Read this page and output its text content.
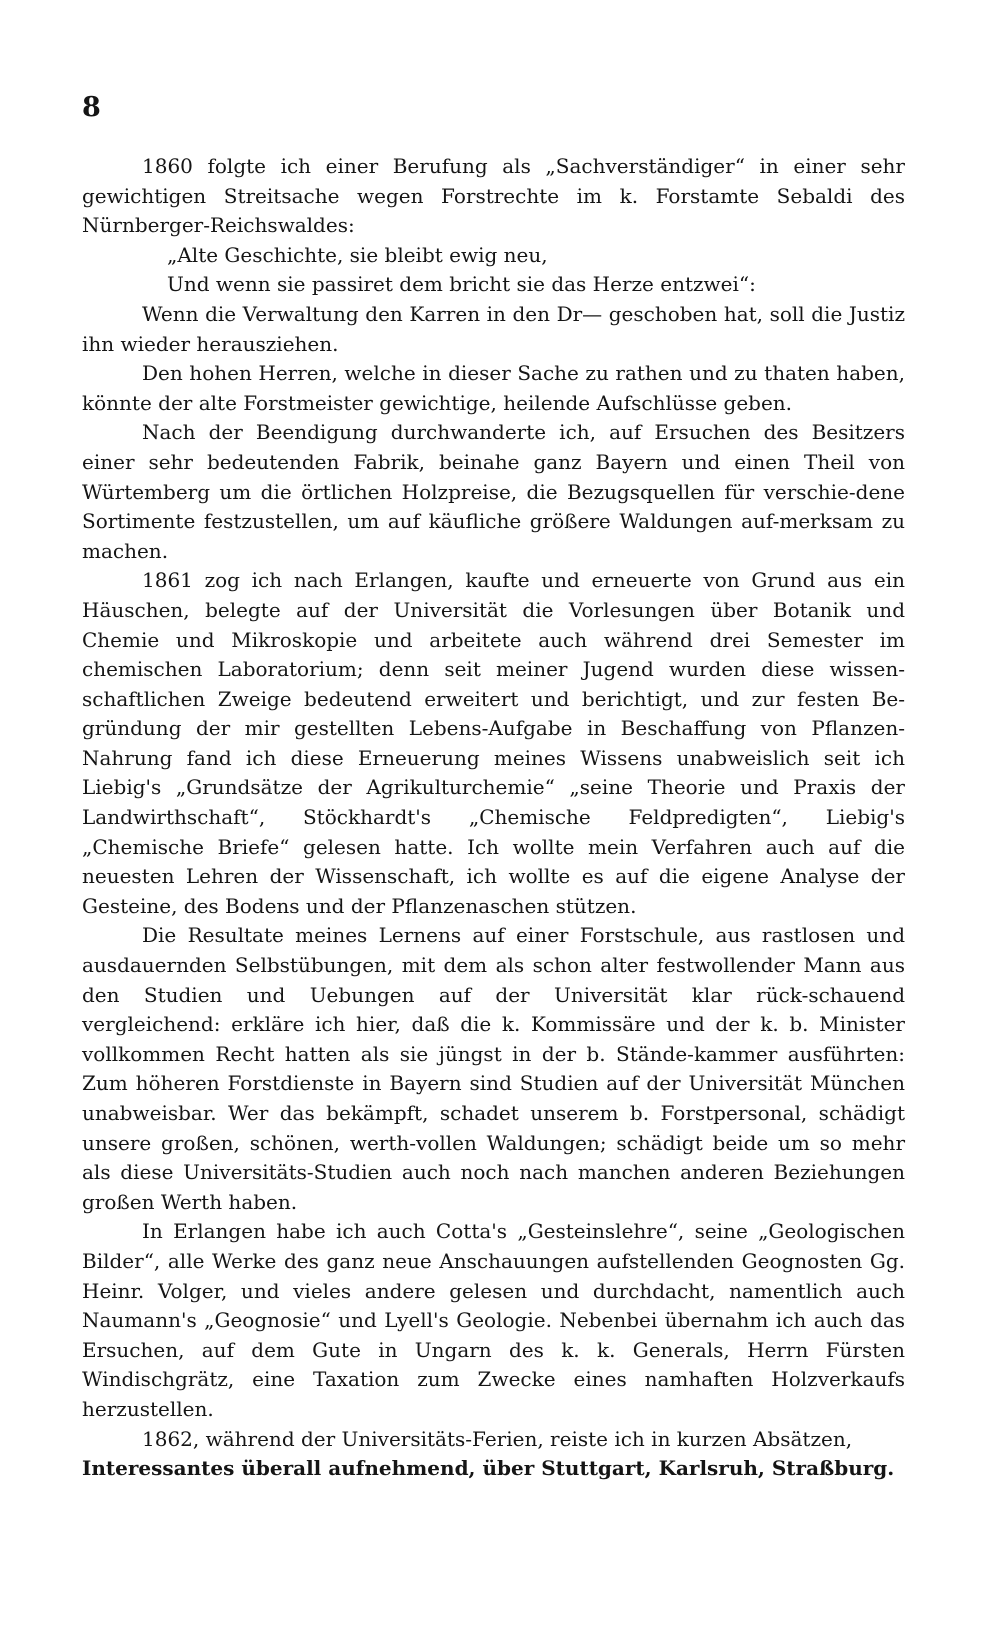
8

1860 folgte ich einer Berufung als „Sachverständiger“ in einer sehr gewichtigen Streitsache wegen Forstrechte im k. Forstamte Sebaldi des Nürnberger-Reichswaldes:

„Alte Geschichte, sie bleibt ewig neu,
Und wenn sie passiret dem bricht sie das Herze entzwei“:

Wenn die Verwaltung den Karren in den Dr— geschoben hat, soll die Justiz ihn wieder herausziehen.

Den hohen Herren, welche in dieser Sache zu rathen und zu thaten haben, könnte der alte Forstmeister gewichtige, heilende Aufschlüsse geben.

Nach der Beendigung durchwanderte ich, auf Ersuchen des Besitzers einer sehr bedeutenden Fabrik, beinahe ganz Bayern und einen Theil von Würtemberg um die örtlichen Holzpreise, die Bezugsquellen für verschie-dene Sortimente festzustellen, um auf käufliche größere Waldungen auf-merksam zu machen.

1861 zog ich nach Erlangen, kaufte und erneuerte von Grund aus ein Häuschen, belegte auf der Universität die Vorlesungen über Botanik und Chemie und Mikroskopie und arbeitete auch während drei Semester im chemischen Laboratorium; denn seit meiner Jugend wurden diese wissen-schaftlichen Zweige bedeutend erweitert und berichtigt, und zur festen Be-gründung der mir gestellten Lebens-Aufgabe in Beschaffung von Pflanzen-Nahrung fand ich diese Erneuerung meines Wissens unabweislich seit ich Liebig's „Grundsätze der Agrikulturchemie“ „seine Theorie und Praxis der Landwirthschaft“, Stöckhardt's „Chemische Feldpredigten“, Liebig's „Chemische Briefe“ gelesen hatte. Ich wollte mein Verfahren auch auf die neuesten Lehren der Wissenschaft, ich wollte es auf die eigene Analyse der Gesteine, des Bodens und der Pflanzenaschen stützen.

Die Resultate meines Lernens auf einer Forstschule, aus rastlosen und ausdauernden Selbstübungen, mit dem als schon alter festwollender Mann aus den Studien und Uebungen auf der Universität klar rück-schauend vergleichend: erkläre ich hier, daß die k. Kommissäre und der k. b. Minister vollkommen Recht hatten als sie jüngst in der b. Stände-kammer ausführten: Zum höheren Forstdienste in Bayern sind Studien auf der Universität München unabweisbar. Wer das bekämpft, schadet unserem b. Forstpersonal, schädigt unsere großen, schönen, werth-vollen Waldungen; schädigt beide um so mehr als diese Universitäts-Studien auch noch nach manchen anderen Beziehungen großen Werth haben.

In Erlangen habe ich auch Cotta's „Gesteinslehre“, seine „Geologischen Bilder“, alle Werke des ganz neue Anschauungen aufstellenden Geognosten Gg. Heinr. Volger, und vieles andere gelesen und durchdacht, namentlich auch Naumann's „Geognosie“ und Lyell's Geologie. Nebenbei übernahm ich auch das Ersuchen, auf dem Gute in Ungarn des k. k. Generals, Herrn Fürsten Windischgrätz, eine Taxation zum Zwecke eines namhaften Holzverkaufs herzustellen.

1862, während der Universitäts-Ferien, reiste ich in kurzen Absätzen,

Interessantes überall aufnehmend, über Stuttgart, Karlsruh, Straßburg.
